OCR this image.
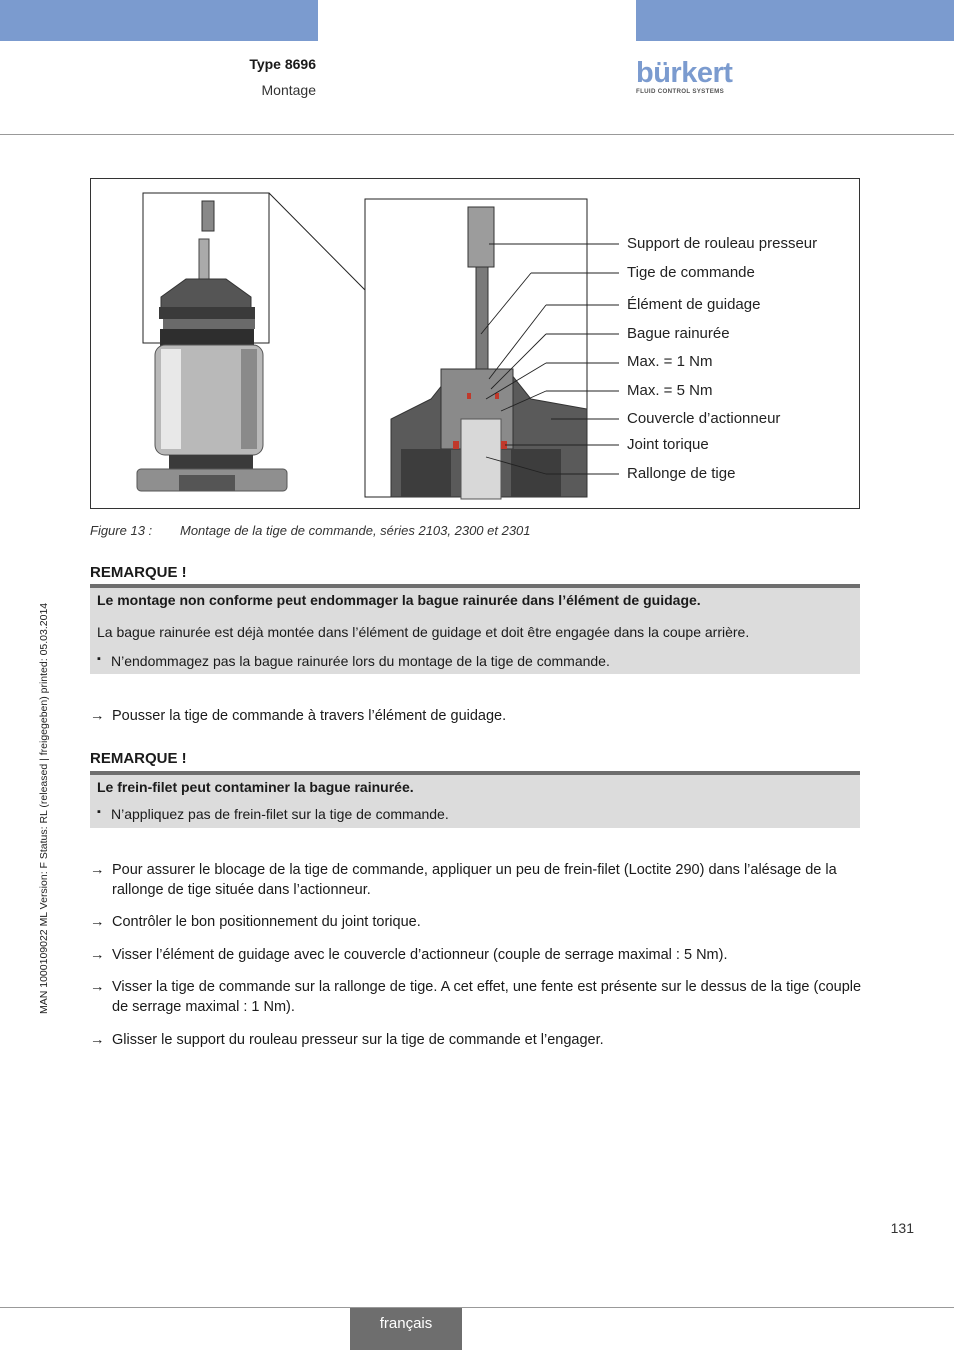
Type 8696
Montage
bürkert
FLUID CONTROL SYSTEMS
Support de rouleau presseur
Tige de commande
Élément de guidage
Bague rainurée
Max. = 1 Nm
Max. = 5 Nm
Couvercle d’actionneur
Joint torique
Rallonge de tige
Figure 13 : Montage de la tige de commande, séries 2103, 2300 et 2301
REMARQUE !
Le montage non conforme peut endommager la bague rainurée dans l’élément de guidage.
La bague rainurée est déjà montée dans l’élément de guidage et doit être engagée dans la coupe arrière.
▪ N’endommagez pas la bague rainurée lors du montage de la tige de commande.
→ Pousser la tige de commande à travers l’élément de guidage.
REMARQUE !
Le frein-filet peut contaminer la bague rainurée.
▪ N’appliquez pas de frein-filet sur la tige de commande.
→ Pour assurer le blocage de la tige de commande, appliquer un peu de frein-filet (Loctite 290) dans l’alésage de la rallonge de tige située dans l’actionneur.
→ Contrôler le bon positionnement du joint torique.
→ Visser l’élément de guidage avec le couvercle d’actionneur (couple de serrage maximal : 5 Nm).
→ Visser la tige de commande sur la rallonge de tige. A cet effet, une fente est présente sur le dessus de la tige (couple de serrage maximal : 1 Nm).
→ Glisser le support du rouleau presseur sur la tige de commande et l’engager.
MAN 1000109022 ML Version: F Status: RL (released | freigegeben) printed: 05.03.2014
131
français
